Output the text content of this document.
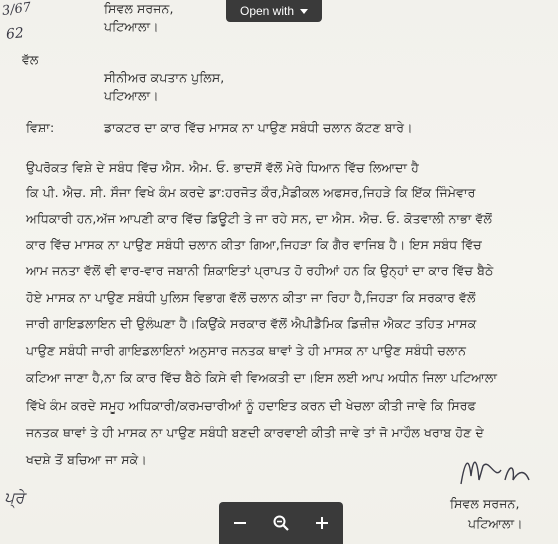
3/67
62
ਸਿਵਲ ਸਰਜਨ,
ਪਟਿਆਲਾ।
ਵੱਲ
ਸੀਨੀਅਰ ਕਪਤਾਨ ਪੁਲਿਸ,
ਪਟਿਆਲਾ।
ਵਿਸ਼ਾ:	ਡਾਕਟਰ ਦਾ ਕਾਰ ਵਿੱਚ ਮਾਸਕ ਨਾ ਪਾਉਣ ਸਬੰਧੀ ਚਲਾਨ ਕੱਟਣ ਬਾਰੇ।
ਉਪਰੋਕਤ ਵਿਸ਼ੇ ਦੇ ਸਬੰਧ ਵਿੱਚ ਐਸ. ਐਮ. ਓ. ਭਾਦਸੋਂ ਵੱਲੋਂ ਮੇਰੇ ਧਿਆਨ ਵਿੱਚ ਲਿਆਦਾ ਹੈ
ਕਿ ਪੀ. ਐਚ. ਸੀ. ਸੌਜਾ ਵਿਖੇ ਕੰਮ ਕਰਦੇ ਡਾ:ਹਰਜੋਤ ਕੌਰ,ਮੈਡੀਕਲ ਅਫਸਰ,ਜਿਹੜੇ ਕਿ ਇੱਕ ਜਿੰਮੇਵਾਰ
ਅਧਿਕਾਰੀ ਹਨ,ਅੱਜ ਆਪਣੀ ਕਾਰ ਵਿੱਚ ਡਿਊਟੀ ਤੇ ਜਾ ਰਹੇ ਸਨ, ਦਾ ਐਸ. ਐਚ. ਓ. ਕੋਤਵਾਲੀ ਨਾਭਾ ਵੱਲੋਂ
ਕਾਰ ਵਿੱਚ ਮਾਸਕ ਨਾ ਪਾਉਣ ਸਬੰਧੀ ਚਲਾਨ ਕੀਤਾ ਗਿਆ,ਜਿਹੜਾ ਕਿ ਗੈਰ ਵਾਜਿਬ ਹੈ। ਇਸ ਸਬੰਧ ਵਿੱਚ
ਆਮ ਜਨਤਾ ਵੱਲੋਂ ਵੀ ਵਾਰ-ਵਾਰ ਜਬਾਨੀ ਸ਼ਿਕਾਇਤਾਂ ਪ੍ਰਾਪਤ ਹੋ ਰਹੀਆਂ ਹਨ ਕਿ ਉਨ੍ਹਾਂ ਦਾ ਕਾਰ ਵਿੱਚ ਬੈਠੇ
ਹੋਏ ਮਾਸਕ ਨਾ ਪਾਉਣ ਸਬੰਧੀ ਪੁਲਿਸ ਵਿਭਾਗ ਵੱਲੋਂ ਚਲਾਨ ਕੀਤਾ ਜਾ ਰਿਹਾ ਹੈ,ਜਿਹੜਾ ਕਿ ਸਰਕਾਰ ਵੱਲੋਂ
ਜਾਰੀ ਗਾਇਡਲਾਇਨ ਦੀ ਉਲੰਘਣਾ ਹੈ।ਕਿਉਂਕੇ ਸਰਕਾਰ ਵੱਲੋਂ ਐਪੀਡੈਮਿਕ ਡਿਜ਼ੀਜ਼ ਐਕਟ ਤਹਿਤ ਮਾਸਕ
ਪਾਉਣ ਸਬੰਧੀ ਜਾਰੀ ਗਾਇਡਲਾਇਨਾਂ ਅਨੁਸਾਰ ਜਨਤਕ ਥਾਵਾਂ ਤੇ ਹੀ ਮਾਸਕ ਨਾ ਪਾਉਣ ਸਬੰਧੀ ਚਲਾਨ
ਕਟਿਆ ਜਾਣਾ ਹੈ,ਨਾ ਕਿ ਕਾਰ ਵਿੱਚ ਬੈਠੇ ਕਿਸੇ ਵੀ ਵਿਅਕਤੀ ਦਾ।ਇਸ ਲਈ ਆਪ ਅਧੀਨ ਜਿਲਾ ਪਟਿਆਲਾ
ਵਿੱਖੇ ਕੰਮ ਕਰਦੇ ਸਮੂਹ ਅਧਿਕਾਰੀ/ਕਰਮਚਾਰੀਆਂ ਨੂੰ ਹਦਾਇਤ ਕਰਨ ਦੀ ਖੇਚਲਾ ਕੀਤੀ ਜਾਵੇ ਕਿ ਸਿਰਫ
ਜਨਤਕ ਥਾਵਾਂ ਤੇ ਹੀ ਮਾਸਕ ਨਾ ਪਾਉਣ ਸਬੰਧੀ ਬਣਦੀ ਕਾਰਵਾਈ ਕੀਤੀ ਜਾਵੇ ਤਾਂ ਜੋ ਮਾਹੌਲ ਖਰਾਬ ਹੋਣ ਦੇ
ਖਦਸ਼ੇ ਤੋਂ ਬਚਿਆ ਜਾ ਸਕੇ।
ਸਿਵਲ ਸਰਜਨ,
ਪਟਿਆਲਾ।
ਪ੍ਰੇ
Open with
